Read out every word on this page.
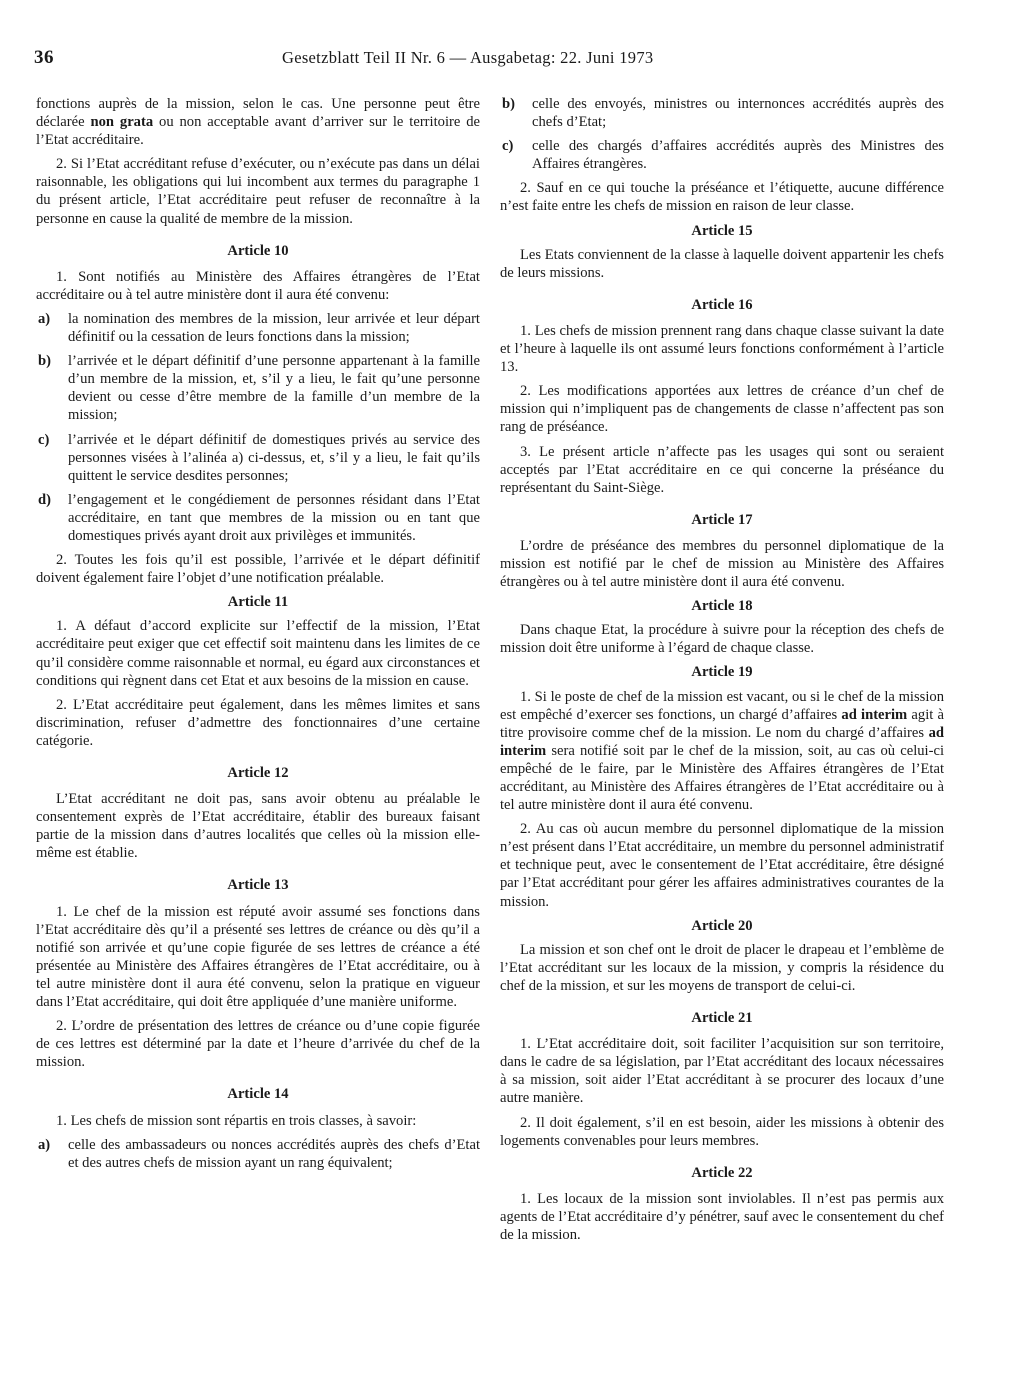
36	Gesetzblatt Teil II Nr. 6 — Ausgabetag: 22. Juni 1973

fonctions auprès de la mission, selon le cas. Une personne peut être déclarée non grata ou non acceptable avant d’arriver sur le territoire de l’Etat accréditaire.

2. Si l’Etat accréditant refuse d’exécuter, ou n’exécute pas dans un délai raisonnable, les obligations qui lui incombent aux termes du paragraphe 1 du présent article, l’Etat accréditaire peut refuser de reconnaître à la personne en cause la qualité de membre de la mission.

Article 10

1. Sont notifiés au Ministère des Affaires étrangères de l’Etat accréditaire ou à tel autre ministère dont il aura été convenu:

a)	la nomination des membres de la mission, leur arrivée et leur départ définitif ou la cessation de leurs fonctions dans la mission;
b)	l’arrivée et le départ définitif d’une personne appartenant à la famille d’un membre de la mission, et, s’il y a lieu, le fait qu’une personne devient ou cesse d’être membre de la famille d’un membre de la mission;
c)	l’arrivée et le départ définitif de domestiques privés au service des personnes visées à l’alinéa a) ci-dessus, et, s’il y a lieu, le fait qu’ils quittent le service desdites personnes;
d)	l’engagement et le congédiement de personnes résidant dans l’Etat accréditaire, en tant que membres de la mission ou en tant que domestiques privés ayant droit aux privilèges et immunités.

2. Toutes les fois qu’il est possible, l’arrivée et le départ définitif doivent également faire l’objet d’une notification préalable.

Article 11

1. A défaut d’accord explicite sur l’effectif de la mission, l’Etat accréditaire peut exiger que cet effectif soit maintenu dans les limites de ce qu’il considère comme raisonnable et normal, eu égard aux circonstances et conditions qui règnent dans cet Etat et aux besoins de la mission en cause.

2. L’Etat accréditaire peut également, dans les mêmes limites et sans discrimination, refuser d’admettre des fonctionnaires d’une certaine catégorie.

Article 12

L’Etat accréditant ne doit pas, sans avoir obtenu au préalable le consentement exprès de l’Etat accréditaire, établir des bureaux faisant partie de la mission dans d’autres localités que celles où la mission elle-même est établie.

Article 13

1. Le chef de la mission est réputé avoir assumé ses fonctions dans l’Etat accréditaire dès qu’il a présenté ses lettres de créance ou dès qu’il a notifié son arrivée et qu’une copie figurée de ses lettres de créance a été présentée au Ministère des Affaires étrangères de l’Etat accréditaire, ou à tel autre ministère dont il aura été convenu, selon la pratique en vigueur dans l’Etat accréditaire, qui doit être appliquée d’une manière uniforme.

2. L’ordre de présentation des lettres de créance ou d’une copie figurée de ces lettres est déterminé par la date et l’heure d’arrivée du chef de la mission.

Article 14

1. Les chefs de mission sont répartis en trois classes, à savoir:

a)	celle des ambassadeurs ou nonces accrédités auprès des chefs d’Etat et des autres chefs de mission ayant un rang équivalent;
b)	celle des envoyés, ministres ou internonces accrédités auprès des chefs d’Etat;
c)	celle des chargés d’affaires accrédités auprès des Ministres des Affaires étrangères.

2. Sauf en ce qui touche la préséance et l’étiquette, aucune différence n’est faite entre les chefs de mission en raison de leur classe.

Article 15

Les Etats conviennent de la classe à laquelle doivent appartenir les chefs de leurs missions.

Article 16

1. Les chefs de mission prennent rang dans chaque classe suivant la date et l’heure à laquelle ils ont assumé leurs fonctions conformément à l’article 13.

2. Les modifications apportées aux lettres de créance d’un chef de mission qui n’impliquent pas de changements de classe n’affectent pas son rang de préséance.

3. Le présent article n’affecte pas les usages qui sont ou seraient acceptés par l’Etat accréditaire en ce qui concerne la préséance du représentant du Saint-Siège.

Article 17

L’ordre de préséance des membres du personnel diplomatique de la mission est notifié par le chef de mission au Ministère des Affaires étrangères ou à tel autre ministère dont il aura été convenu.

Article 18

Dans chaque Etat, la procédure à suivre pour la réception des chefs de mission doit être uniforme à l’égard de chaque classe.

Article 19

1. Si le poste de chef de la mission est vacant, ou si le chef de la mission est empêché d’exercer ses fonctions, un chargé d’affaires ad interim agit à titre provisoire comme chef de la mission. Le nom du chargé d’affaires ad interim sera notifié soit par le chef de la mission, soit, au cas où celui-ci empêché de le faire, par le Ministère des Affaires étrangères de l’Etat accréditant, au Ministère des Affaires étrangères de l’Etat accréditaire ou à tel autre ministère dont il aura été convenu.

2. Au cas où aucun membre du personnel diplomatique de la mission n’est présent dans l’Etat accréditaire, un membre du personnel administratif et technique peut, avec le consentement de l’Etat accréditaire, être désigné par l’Etat accréditant pour gérer les affaires administratives courantes de la mission.

Article 20

La mission et son chef ont le droit de placer le drapeau et l’emblème de l’Etat accréditant sur les locaux de la mission, y compris la résidence du chef de la mission, et sur les moyens de transport de celui-ci.

Article 21

1. L’Etat accréditaire doit, soit faciliter l’acquisition sur son territoire, dans le cadre de sa législation, par l’Etat accréditant des locaux nécessaires à sa mission, soit aider l’Etat accréditant à se procurer des locaux d’une autre manière.

2. Il doit également, s’il en est besoin, aider les missions à obtenir des logements convenables pour leurs membres.

Article 22

1. Les locaux de la mission sont inviolables. Il n’est pas permis aux agents de l’Etat accréditaire d’y pénétrer, sauf avec le consentement du chef de la mission.
